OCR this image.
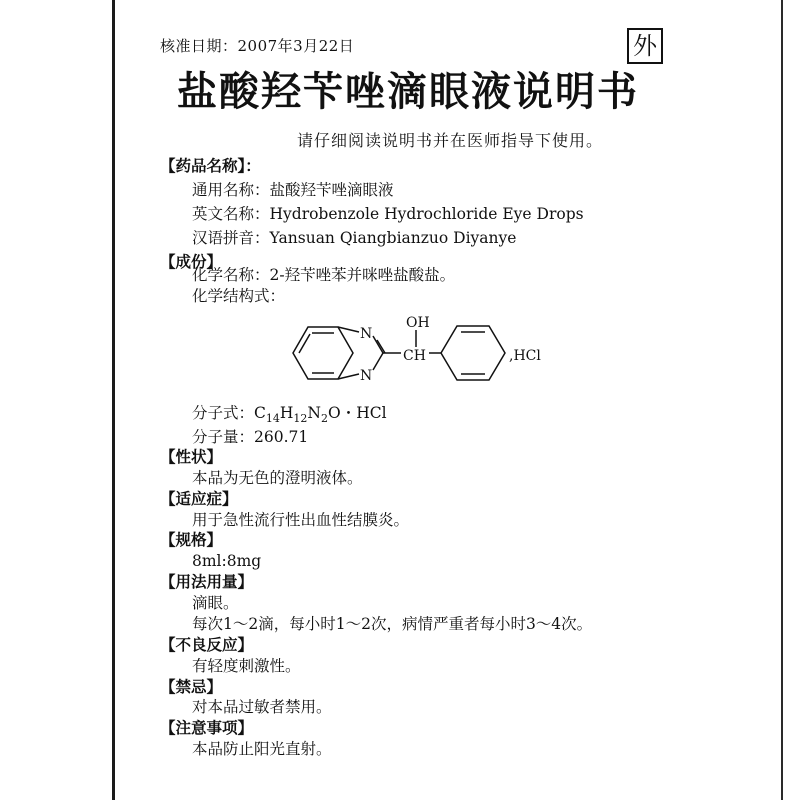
核准日期：2007年3月22日	外
盐酸羟苄唑滴眼液说明书
请仔细阅读说明书并在医师指导下使用。
【药品名称】：
通用名称：盐酸羟苄唑滴眼液
英文名称：Hydrobenzole Hydrochloride Eye Drops
汉语拼音：Yansuan Qiangbianzuo Diyanye
【成份】
化学名称：2-羟苄唑苯并咪唑盐酸盐。
化学结构式：
N
N
CH
OH
,HCl
分子式：$C_{14}H_{12}N_2O$・HCl
分子量：260.71
【性状】
本品为无色的澄明液体。
【适应症】
用于急性流行性出血性结膜炎。
【规格】
8ml:8mg
【用法用量】
滴眼。
每次1～2滴，每小时1～2次，病情严重者每小时3～4次。
【不良反应】
有轻度刺激性。
【禁忌】
对本品过敏者禁用。
【注意事项】
本品防止阳光直射。
